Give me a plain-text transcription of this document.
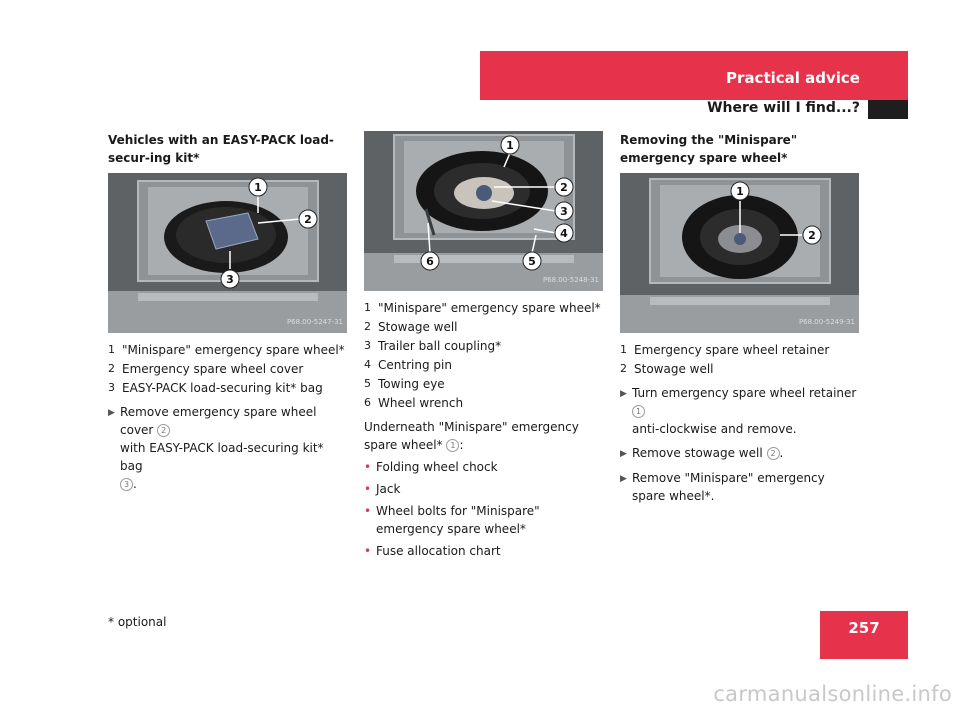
Practical advice
Where will I find...?
Vehicles with an EASY-PACK load-secur-ing kit*
1
2
3
P68.00-5247-31
1 "Minispare" emergency spare wheel*
2 Emergency spare wheel cover
3 EASY-PACK load-securing kit* bag
▶ Remove emergency spare wheel cover 2
with EASY-PACK load-securing kit* bag
3 .
1
2
3
4
5
6
P68.00-5248-31
1 "Minispare" emergency spare wheel*
2 Stowage well
3 Trailer ball coupling*
4 Centring pin
5 Towing eye
6 Wheel wrench

Underneath "Minispare" emergency spare wheel* 1 :

• Folding wheel chock
• Jack
• Wheel bolts for "Minispare" emergency spare wheel*
• Fuse allocation chart
Removing the "Minispare" emergency spare wheel*
1
2
P68.00-5249-31
1 Emergency spare wheel retainer
2 Stowage well
▶ Turn emergency spare wheel retainer 1
anti-clockwise and remove.
▶ Remove stowage well 2 .
▶ Remove "Minispare" emergency spare wheel*.
* optional	257
carmanualsonline.info
